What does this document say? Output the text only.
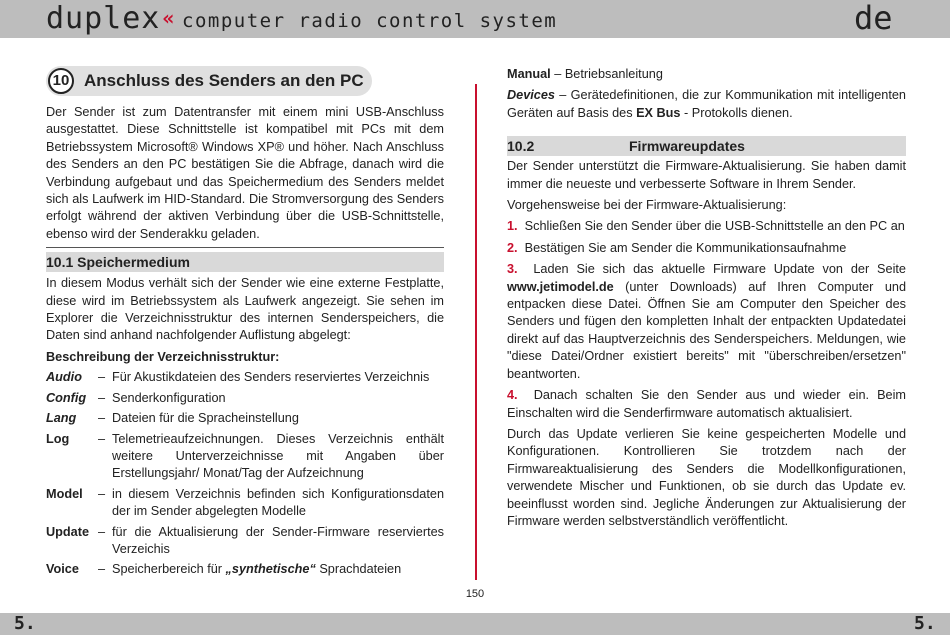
duplex « computer radio control system	de
10 Anschluss des Senders an den PC

Der Sender ist zum Datentransfer mit einem mini USB-Anschluss ausgestattet. Diese Schnittstelle ist kompatibel mit PCs mit dem Betriebssystem Microsoft® Windows XP® und höher. Nach Anschluss des Senders an den PC bestätigen Sie die Abfrage, danach wird die Verbindung aufgebaut und das Speichermedium des Senders meldet sich als Laufwerk im HID-Standard. Die Stromversorgung des Senders erfolgt während der aktiven Verbindung über die USB-Schnittstelle, ebenso wird der Senderakku geladen.

10.1 Speichermedium

In diesem Modus verhält sich der Sender wie eine externe Festplatte, diese wird im Betriebssystem als Laufwerk angezeigt. Sie sehen im Explorer die Verzeichnisstruktur des internen Senderspeichers, die Daten sind anhand nachfolgender Auflistung abgelegt:

Beschreibung der Verzeichnisstruktur:

Audio	– Für Akustikdateien des Senders reserviertes Verzeichnis
Config – Senderkonfiguration
Lang	– Dateien für die Spracheinstellung
Log	– Telemetrieaufzeichnungen. Dieses Verzeichnis enthält weitere Unterverzeichnisse mit Angaben über Erstellungsjahr/ Monat/Tag der Aufzeichnung
Model	– in diesem Verzeichnis befinden sich Konfigurationsdaten der im Sender abgelegten Modelle
Update – für die Aktualisierung der Sender-Firmware reserviertes Verzeichis
Voice	– Speicherbereich für „synthetische“ Sprachdateien

Manual – Betriebsanleitung

Devices – Gerätedefinitionen, die zur Kommunikation mit intelligenten Geräten auf Basis des EX Bus - Protokolls dienen.

10.2	Firmwareupdates

Der Sender unterstützt die Firmware-Aktualisierung. Sie haben damit immer die neueste und verbesserte Software in Ihrem Sender.

Vorgehensweise bei der Firmware-Aktualisierung:

1. Schließen Sie den Sender über die USB-Schnittstelle an den PC an

2. Bestätigen Sie am Sender die Kommunikationsaufnahme

3. Laden Sie sich das aktuelle Firmware Update von der Seite www.jetimodel.de (unter Downloads) auf Ihren Computer und entpacken diese Datei. Öffnen Sie am Computer den Speicher des Senders und fügen den kompletten Inhalt der entpackten Updatedatei direkt auf das Hauptverzeichnis des Senderspeichers. Meldungen, wie "diese Datei/Ordner existiert bereits" mit "überschreiben/ersetzen" beantworten.

4. Danach schalten Sie den Sender aus und wieder ein. Beim Einschalten wird die Senderfirmware automatisch aktualisiert.

Durch das Update verlieren Sie keine gespeicherten Modelle und Konfigurationen. Kontrollieren Sie trotzdem nach der Firmwareaktualisierung des Senders die Modellkonfigurationen, verwendete Mischer und Funktionen, ob sie durch das Update ev. beeinflusst worden sind. Jegliche Änderungen zur Aktualisierung der Firmware werden selbstverständlich veröffentlicht.

150
5.	5.
